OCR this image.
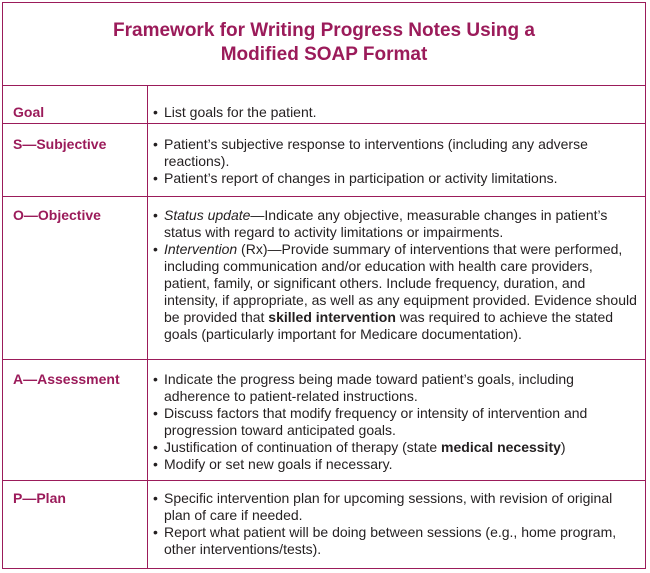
Framework for Writing Progress Notes Using a
Modified SOAP Format
Goal	• List goals for the patient.
S—Subjective	• Patient’s subjective response to interventions (including any adverse reactions).
• Patient’s report of changes in participation or activity limitations.
O—Objective	• Status update—Indicate any objective, measurable changes in patient’s status with regard to activity limitations or impairments.
• Intervention (Rx)—Provide summary of interventions that were performed, including communication and/or education with health care providers, patient, family, or significant others. Include frequency, duration, and intensity, if appropriate, as well as any equipment provided. Evidence should be provided that skilled intervention was required to achieve the stated goals (particularly important for Medicare documentation).
A—Assessment	• Indicate the progress being made toward patient’s goals, including adherence to patient-related instructions.
• Discuss factors that modify frequency or intensity of intervention and progression toward anticipated goals.
• Justification of continuation of therapy (state medical necessity)
• Modify or set new goals if necessary.
P—Plan	• Specific intervention plan for upcoming sessions, with revision of original plan of care if needed.
• Report what patient will be doing between sessions (e.g., home program, other interventions/tests).
